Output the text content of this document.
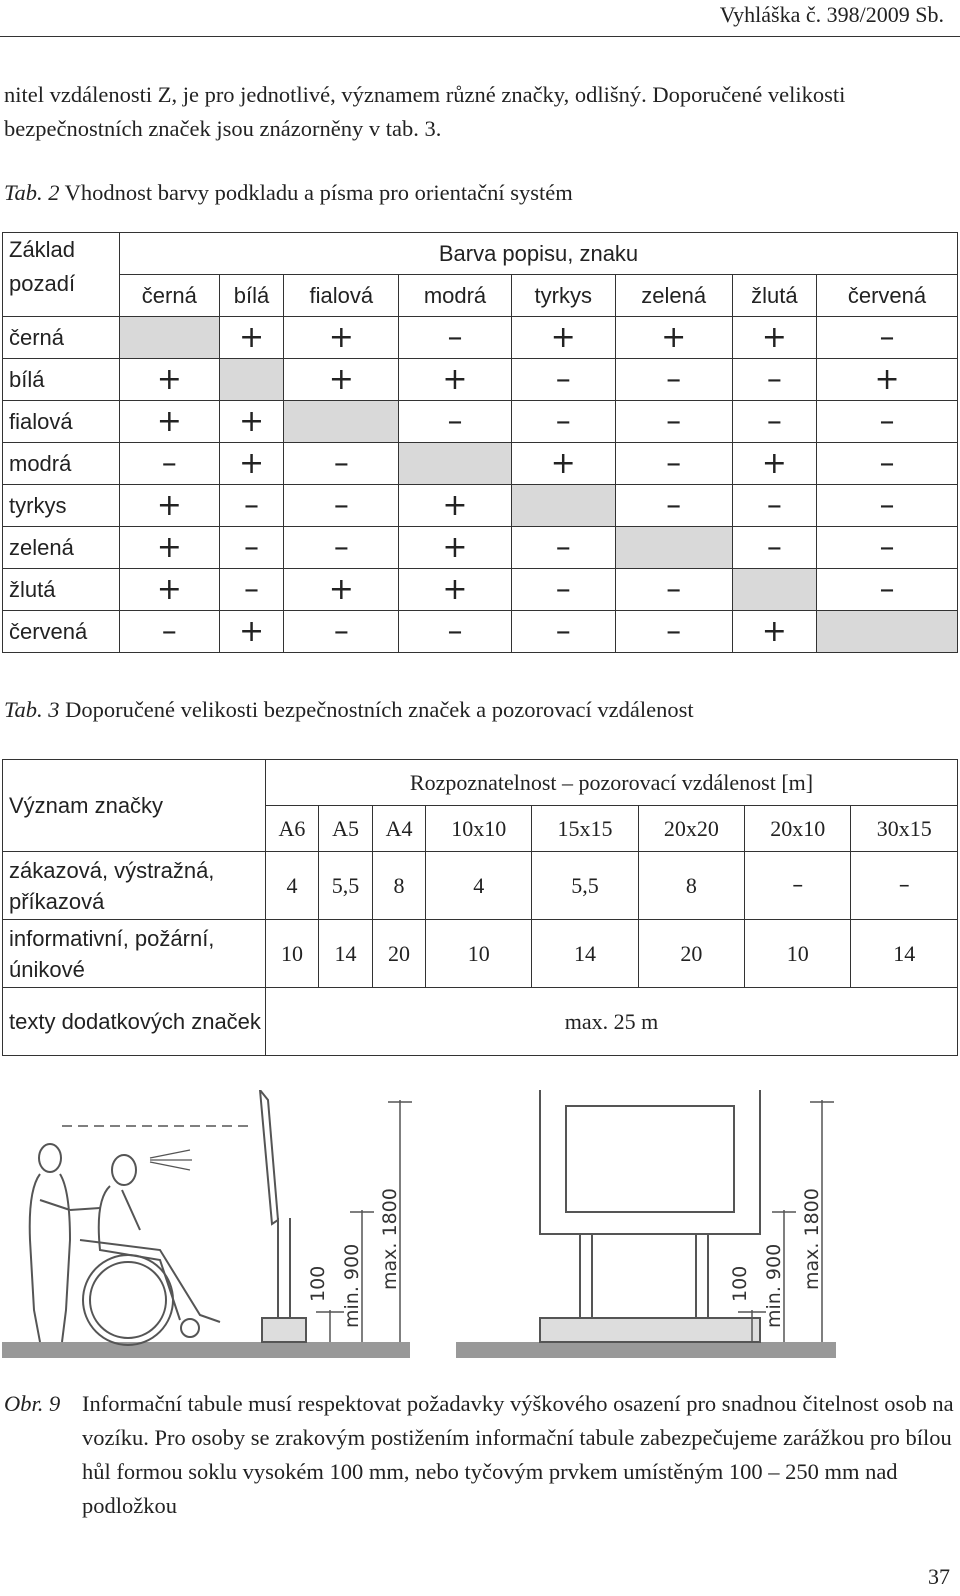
Vyhláška č. 398/2009 Sb.
nitel vzdálenosti Z, je pro jednotlivé, významem různé značky, odlišný. Doporučené velikosti bezpečnostních značek jsou znázorněny v tab. 3.
Tab. 2 Vhodnost barvy podkladu a písma pro orientační systém
Základ pozadí	Barva popisu, znaku							
	černá	bílá	fialová	modrá	tyrkys	zelená	žlutá	červená
černá		+	+	–	+	+	+	–
bílá	+		+	+	–	–	–	+
fialová	+	+		–	–	–	–	–
modrá	–	+	–		+	–	+	–
tyrkys	+	–	–	+		–	–	–
zelená	+	–	–	+	–		–	–
žlutá	+	–	+	+	–	–		–
červená	–	+	–	–	–	–	+	
Tab. 3 Doporučené velikosti bezpečnostních značek a pozorovací vzdálenost
Význam značky	Rozpoznatelnost – pozorovací vzdálenost [m]							
	A6	A5	A4	10x10	15x15	20x20	20x10	30x15
zákazová, výstražná, příkazová	4	5,5	8	4	5,5	8	–	–
informativní, požární, únikové	10	14	20	10	14	20	10	14
texty dodatkových značek	max. 25 m							
100 min. 900 max. 1800	100 min. 900 max. 1800
Obr. 9 Informační tabule musí respektovat požadavky výškového osazení pro snadnou čitelnost osob na vozíku. Pro osoby se zrakovým postižením informační tabule zabezpečujeme zarážkou pro bílou hůl formou soklu vysokém 100 mm, nebo tyčovým prvkem umístěným 100 – 250 mm nad podložkou
37
